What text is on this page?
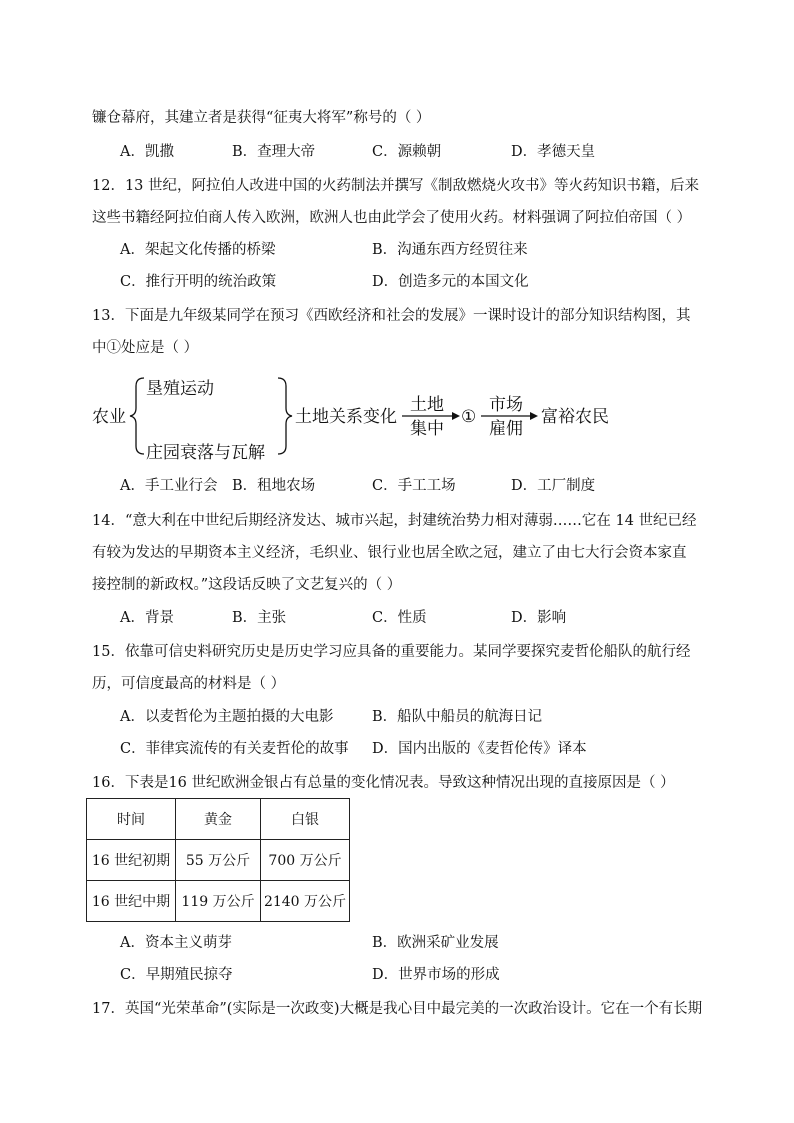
镰仓幕府，其建立者是获得“征夷大将军”称号的（ ）
A．凯撒	B．查理大帝	C．源赖朝	D．孝德天皇
12．13 世纪，阿拉伯人改进中国的火药制法并撰写《制敌燃烧火攻书》等火药知识书籍，后来
这些书籍经阿拉伯商人传入欧洲，欧洲人也由此学会了使用火药。材料强调了阿拉伯帝国（ ）
A．架起文化传播的桥梁	B．沟通东西方经贸往来
C．推行开明的统治政策	D．创造多元的本国文化
13．下面是九年级某同学在预习《西欧经济和社会的发展》一课时设计的部分知识结构图，其
中①处应是（ ）
农业
垦殖运动
庄园衰落与瓦解
土地关系变化
土地
集中
①
市场
雇佣
富裕农民
A．手工业行会 B．租地农场	C．手工工场	D．工厂制度
14．“意大利在中世纪后期经济发达、城市兴起，封建统治势力相对薄弱……它在 14 世纪已经
有较为发达的早期资本主义经济，毛织业、银行业也居全欧之冠，建立了由七大行会资本家直
接控制的新政权。”这段话反映了文艺复兴的（ ）
A．背景	B．主张	C．性质	D．影响
15．依靠可信史料研究历史是历史学习应具备的重要能力。某同学要探究麦哲伦船队的航行经
历，可信度最高的材料是（ ）
A．以麦哲伦为主题拍摄的大电影	B．船队中船员的航海日记
C．菲律宾流传的有关麦哲伦的故事 D．国内出版的《麦哲伦传》译本
16．下表是16 世纪欧洲金银占有总量的变化情况表。导致这种情况出现的直接原因是（ ）
时间	黄金	白银
16 世纪初期	55 万公斤	700 万公斤
16 世纪中期	119 万公斤	2140 万公斤
A．资本主义萌芽	B．欧洲采矿业发展
C．早期殖民掠夺	D．世界市场的形成
17．英国“光荣革命”(实际是一次政变)大概是我心目中最完美的一次政治设计。它在一个有长期
